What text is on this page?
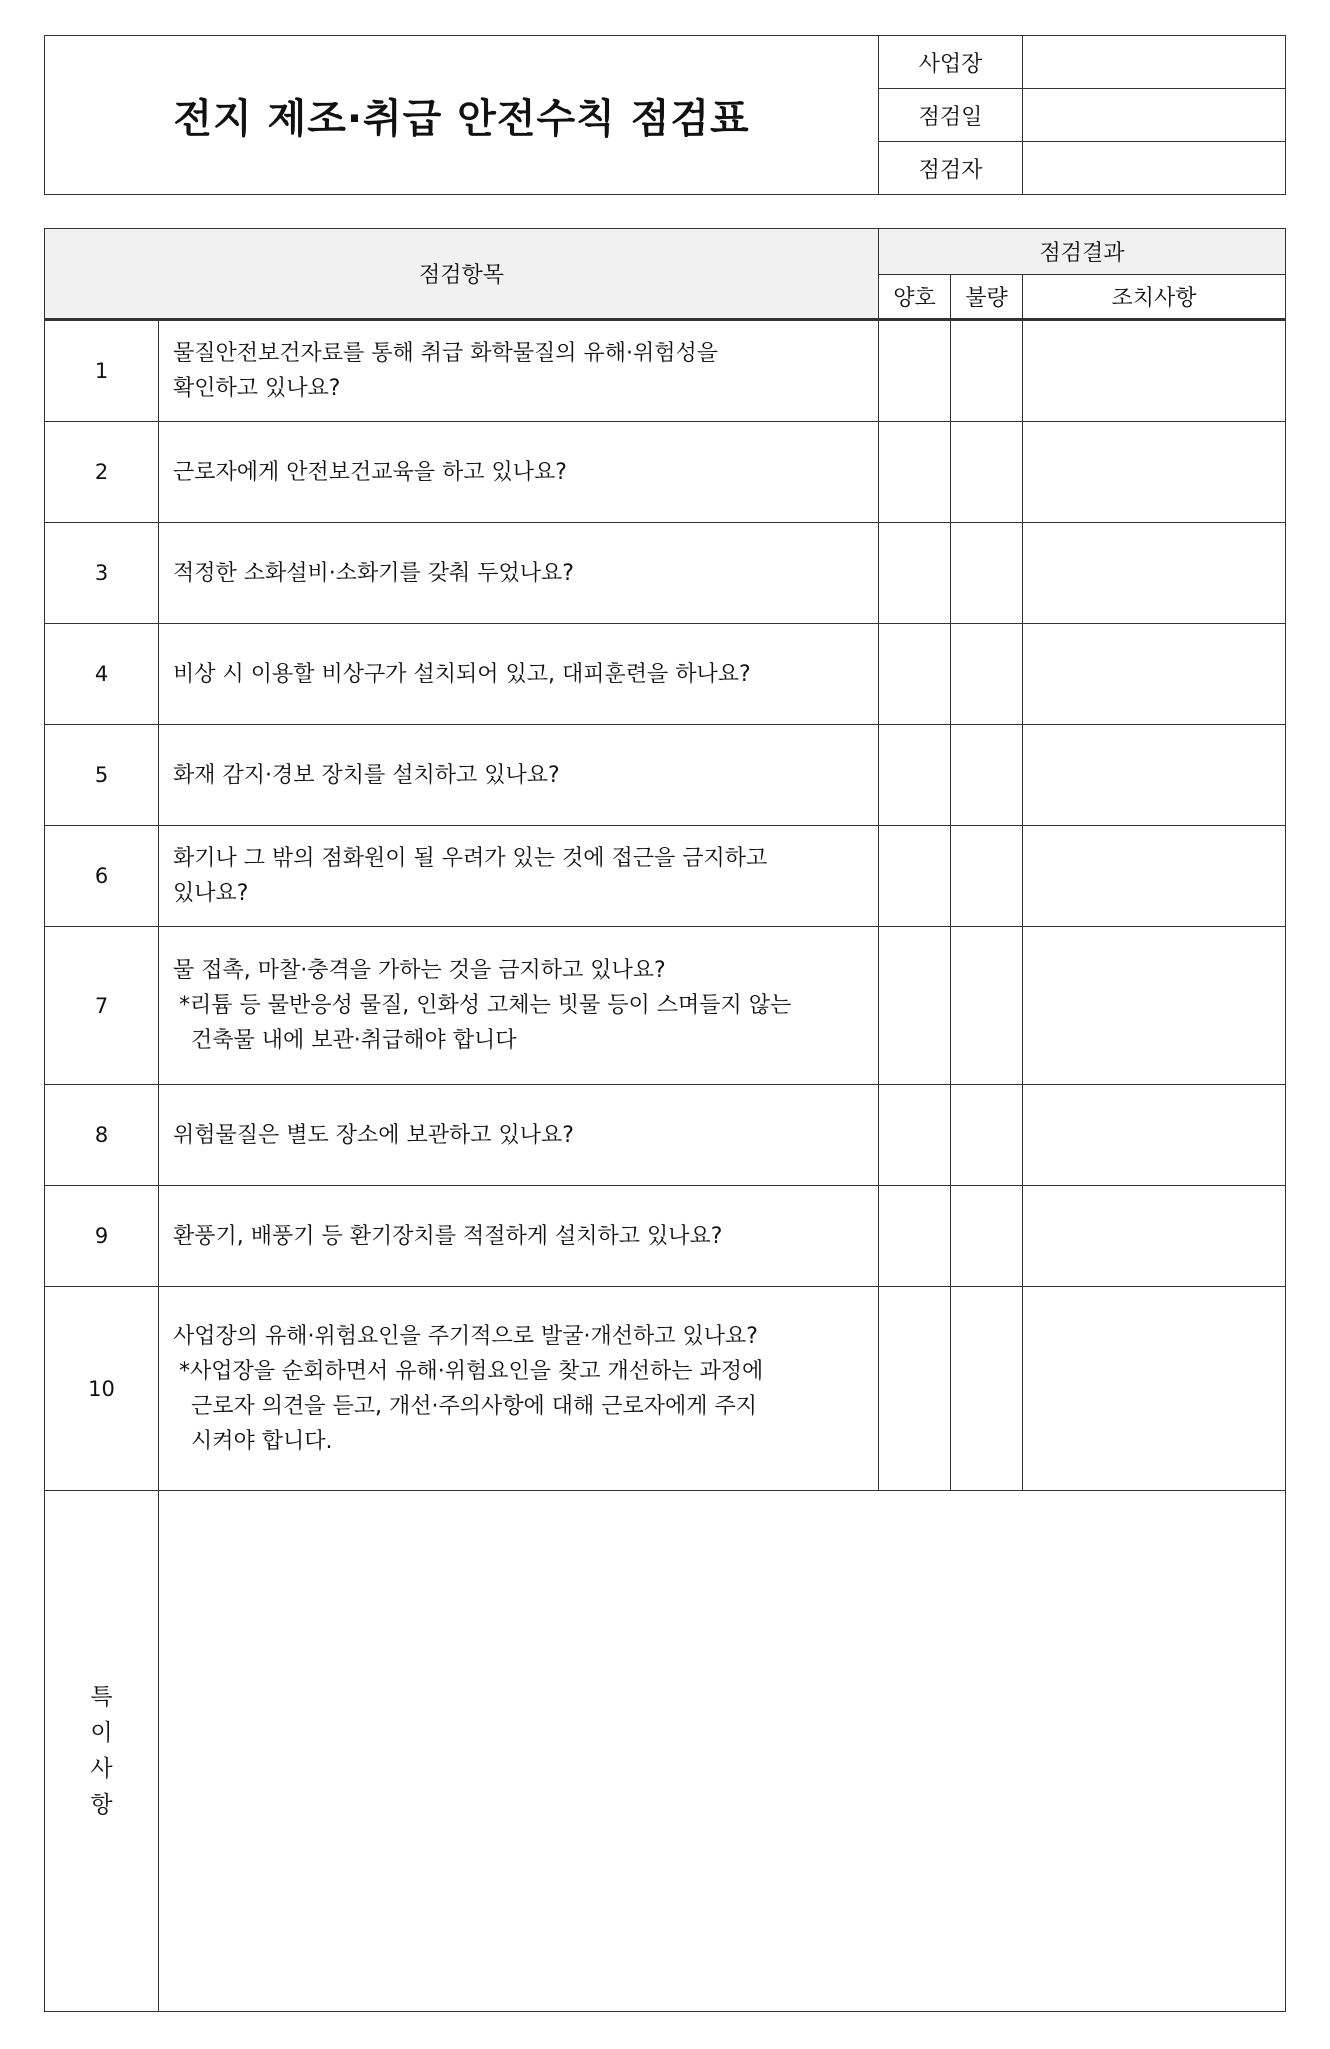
전지 제조·취급 안전수칙 점검표	사업장	
	점검일	
	점검자	
점검항목		점검결과		
		양호	불량	조치사항
1	물질안전보건자료를 통해 취급 화학물질의 유해·위험성을
확인하고 있나요?			
2	근로자에게 안전보건교육을 하고 있나요?			
3	적정한 소화설비·소화기를 갖춰 두었나요?			
4	비상 시 이용할 비상구가 설치되어 있고, 대피훈련을 하나요?			
5	화재 감지·경보 장치를 설치하고 있나요?			
6	화기나 그 밖의 점화원이 될 우려가 있는 것에 접근을 금지하고
있나요?			
7	물 접촉, 마찰·충격을 가하는 것을 금지하고 있나요?
*리튬 등 물반응성 물질, 인화성 고체는 빗물 등이 스며들지 않는
건축물 내에 보관·취급해야 합니다			

8	위험물질은 별도 장소에 보관하고 있나요?			
9	환풍기, 배풍기 등 환기장치를 적절하게 설치하고 있나요?			
10	사업장의 유해·위험요인을 주기적으로 발굴·개선하고 있나요?
*사업장을 순회하면서 유해·위험요인을 찾고 개선하는 과정에
근로자 의견을 듣고, 개선·주의사항에 대해 근로자에게 주지
시켜야 합니다.			

특
이
사
항				
